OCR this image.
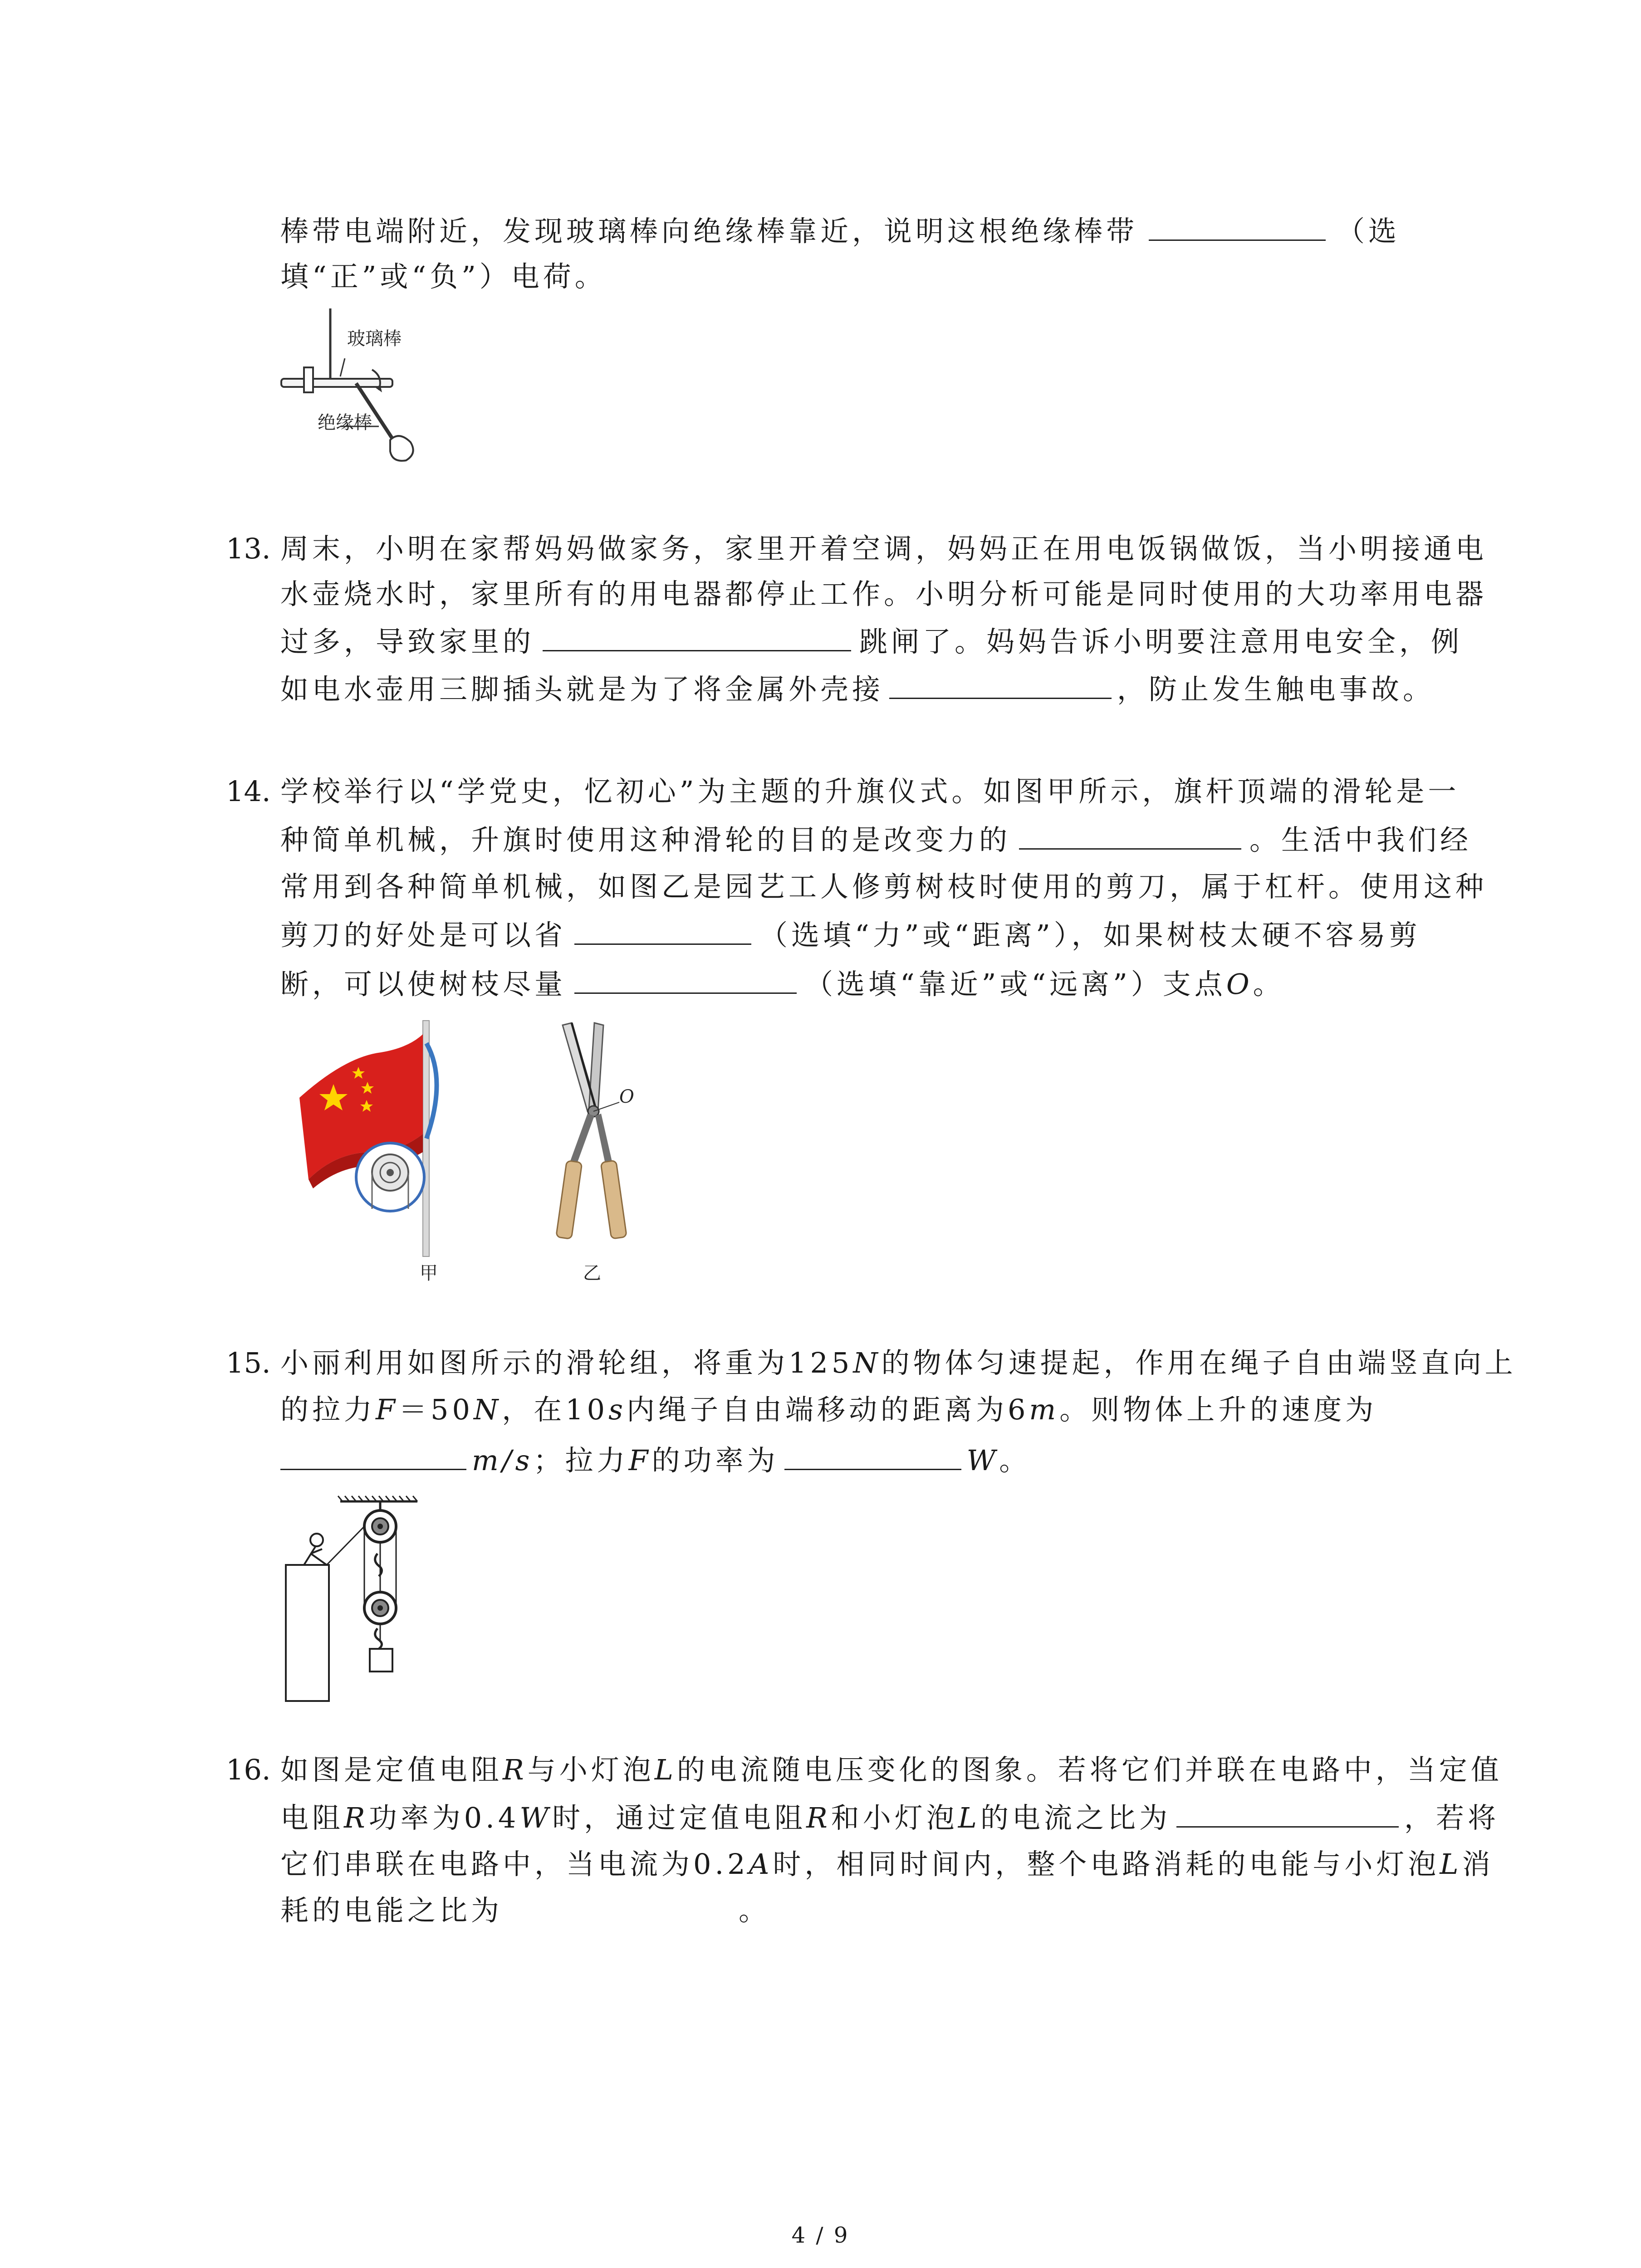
棒带电端附近，发现玻璃棒向绝缘棒靠近，说明这根绝缘棒带	（选
填“正”或“负”）电荷。
玻璃棒
绝缘棒
13. 周末，小明在家帮妈妈做家务，家里开着空调，妈妈正在用电饭锅做饭，当小明接通电
水壶烧水时，家里所有的用电器都停止工作。小明分析可能是同时使用的大功率用电器
过多，导致家里的	跳闸了。妈妈告诉小明要注意用电安全，例
如电水壶用三脚插头就是为了将金属外壳接	，防止发生触电事故。
14. 学校举行以“学党史，忆初心”为主题的升旗仪式。如图甲所示，旗杆顶端的滑轮是一
种简单机械，升旗时使用这种滑轮的目的是改变力的	。生活中我们经
常用到各种简单机械，如图乙是园艺工人修剪树枝时使用的剪刀，属于杠杆。使用这种
剪刀的好处是可以省	（选填“力”或“距离”），如果树枝太硬不容易剪
断，可以使树枝尽量	（选填“靠近”或“远离”）支点O。
甲
O
乙
15. 小丽利用如图所示的滑轮组，将重为125N的物体匀速提起，作用在绳子自由端竖直向上
的拉力F＝50N，在10s内绳子自由端移动的距离为6m。则物体上升的速度为
m/s；拉力F的功率为	W。
16. 如图是定值电阻R与小灯泡L的电流随电压变化的图象。若将它们并联在电路中，当定值
电阻R功率为0.4W时，通过定值电阻R和小灯泡L的电流之比为	，若将
它们串联在电路中，当电流为0.2A时，相同时间内，整个电路消耗的电能与小灯泡L消
耗的电能之比为	。
4 / 9
